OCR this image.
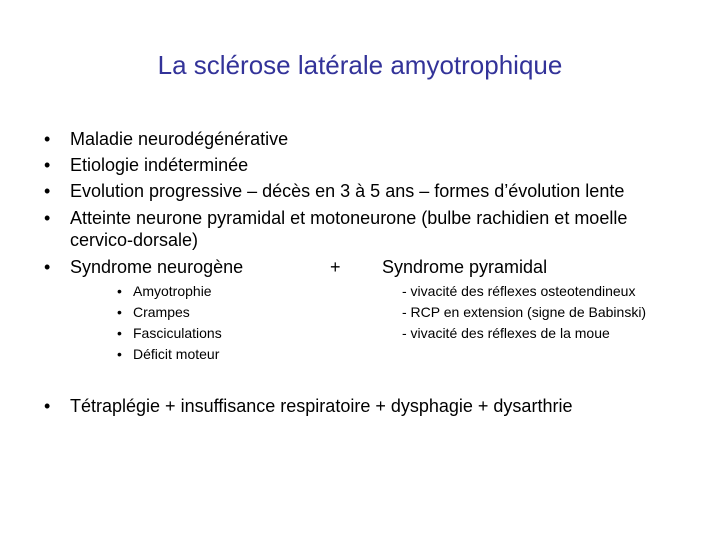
La sclérose latérale amyotrophique
• Maladie neurodégénérative
• Etiologie indéterminée
• Evolution progressive – décès en 3 à 5 ans – formes d’évolution lente
• Atteinte neurone pyramidal et motoneurone (bulbe rachidien et moelle
cervico-dorsale)
• Syndrome neurogène	+ Syndrome pyramidal
• Amyotrophie
• Crampes
• Fasciculations
• Déficit moteur
- vivacité des réflexes osteotendineux
- RCP en extension (signe de Babinski)
- vivacité des réflexes de la moue
• Tétraplégie + insuffisance respiratoire + dysphagie + dysarthrie
